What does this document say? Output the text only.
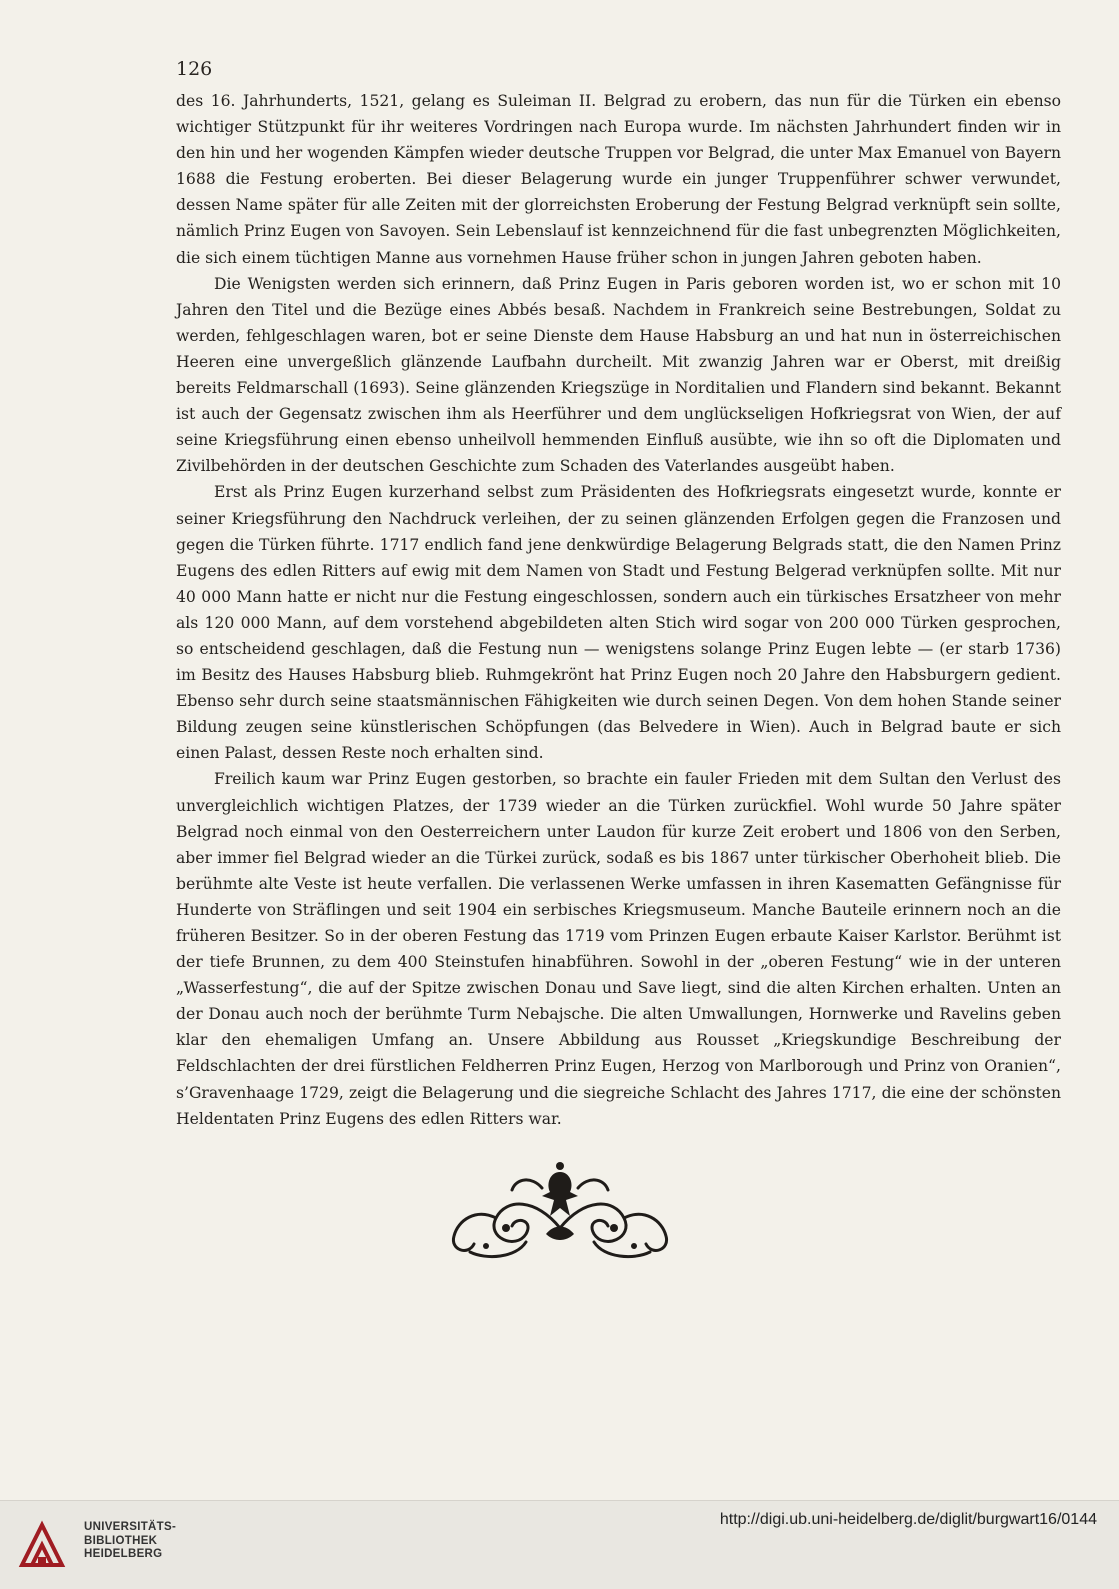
126

des 16. Jahrhunderts, 1521, gelang es Suleiman II. Belgrad zu erobern, das nun für die Türken ein ebenso wichtiger Stützpunkt für ihr weiteres Vordringen nach Europa wurde. Im nächsten Jahrhundert finden wir in den hin und her wogenden Kämpfen wieder deutsche Truppen vor Belgrad, die unter Max Emanuel von Bayern 1688 die Festung eroberten. Bei dieser Belagerung wurde ein junger Truppenführer schwer verwundet, dessen Name später für alle Zeiten mit der glorreichsten Eroberung der Festung Belgrad verknüpft sein sollte, nämlich Prinz Eugen von Savoyen. Sein Lebenslauf ist kennzeichnend für die fast unbegrenzten Möglichkeiten, die sich einem tüchtigen Manne aus vornehmen Hause früher schon in jungen Jahren geboten haben.

Die Wenigsten werden sich erinnern, daß Prinz Eugen in Paris geboren worden ist, wo er schon mit 10 Jahren den Titel und die Bezüge eines Abbés besaß. Nachdem in Frankreich seine Bestrebungen, Soldat zu werden, fehlgeschlagen waren, bot er seine Dienste dem Hause Habsburg an und hat nun in österreichischen Heeren eine unvergeßlich glänzende Laufbahn durcheilt. Mit zwanzig Jahren war er Oberst, mit dreißig bereits Feldmarschall (1693). Seine glänzenden Kriegszüge in Norditalien und Flandern sind bekannt. Bekannt ist auch der Gegensatz zwischen ihm als Heerführer und dem unglückseligen Hofkriegsrat von Wien, der auf seine Kriegsführung einen ebenso unheilvoll hemmenden Einfluß ausübte, wie ihn so oft die Diplomaten und Zivilbehörden in der deutschen Geschichte zum Schaden des Vaterlandes ausgeübt haben.

Erst als Prinz Eugen kurzerhand selbst zum Präsidenten des Hofkriegsrats eingesetzt wurde, konnte er seiner Kriegsführung den Nachdruck verleihen, der zu seinen glänzenden Erfolgen gegen die Franzosen und gegen die Türken führte. 1717 endlich fand jene denkwürdige Belagerung Belgrads statt, die den Namen Prinz Eugens des edlen Ritters auf ewig mit dem Namen von Stadt und Festung Belgerad verknüpfen sollte. Mit nur 40 000 Mann hatte er nicht nur die Festung eingeschlossen, sondern auch ein türkisches Ersatzheer von mehr als 120 000 Mann, auf dem vorstehend abgebildeten alten Stich wird sogar von 200 000 Türken gesprochen, so entscheidend geschlagen, daß die Festung nun — wenigstens solange Prinz Eugen lebte — (er starb 1736) im Besitz des Hauses Habsburg blieb. Ruhmgekrönt hat Prinz Eugen noch 20 Jahre den Habsburgern gedient. Ebenso sehr durch seine staatsmännischen Fähigkeiten wie durch seinen Degen. Von dem hohen Stande seiner Bildung zeugen seine künstlerischen Schöpfungen (das Belvedere in Wien). Auch in Belgrad baute er sich einen Palast, dessen Reste noch erhalten sind.

Freilich kaum war Prinz Eugen gestorben, so brachte ein fauler Frieden mit dem Sultan den Verlust des unvergleichlich wichtigen Platzes, der 1739 wieder an die Türken zurückfiel. Wohl wurde 50 Jahre später Belgrad noch einmal von den Oesterreichern unter Laudon für kurze Zeit erobert und 1806 von den Serben, aber immer fiel Belgrad wieder an die Türkei zurück, sodaß es bis 1867 unter türkischer Oberhoheit blieb. Die berühmte alte Veste ist heute verfallen. Die verlassenen Werke umfassen in ihren Kasematten Gefängnisse für Hunderte von Sträflingen und seit 1904 ein serbisches Kriegsmuseum. Manche Bauteile erinnern noch an die früheren Besitzer. So in der oberen Festung das 1719 vom Prinzen Eugen erbaute Kaiser Karlstor. Berühmt ist der tiefe Brunnen, zu dem 400 Steinstufen hinabführen. Sowohl in der „oberen Festung“ wie in der unteren „Wasserfestung“, die auf der Spitze zwischen Donau und Save liegt, sind die alten Kirchen erhalten. Unten an der Donau auch noch der berühmte Turm Nebajsche. Die alten Umwallungen, Hornwerke und Ravelins geben klar den ehemaligen Umfang an. Unsere Abbildung aus Rousset „Kriegskundige Beschreibung der Feldschlachten der drei fürstlichen Feldherren Prinz Eugen, Herzog von Marlborough und Prinz von Oranien“, s’Gravenhaage 1729, zeigt die Belagerung und die siegreiche Schlacht des Jahres 1717, die eine der schönsten Heldentaten Prinz Eugens des edlen Ritters war.

UNIVERSITÄTS-
BIBLIOTHEK
HEIDELBERG
http://digi.ub.uni-heidelberg.de/diglit/burgwart16/0144
